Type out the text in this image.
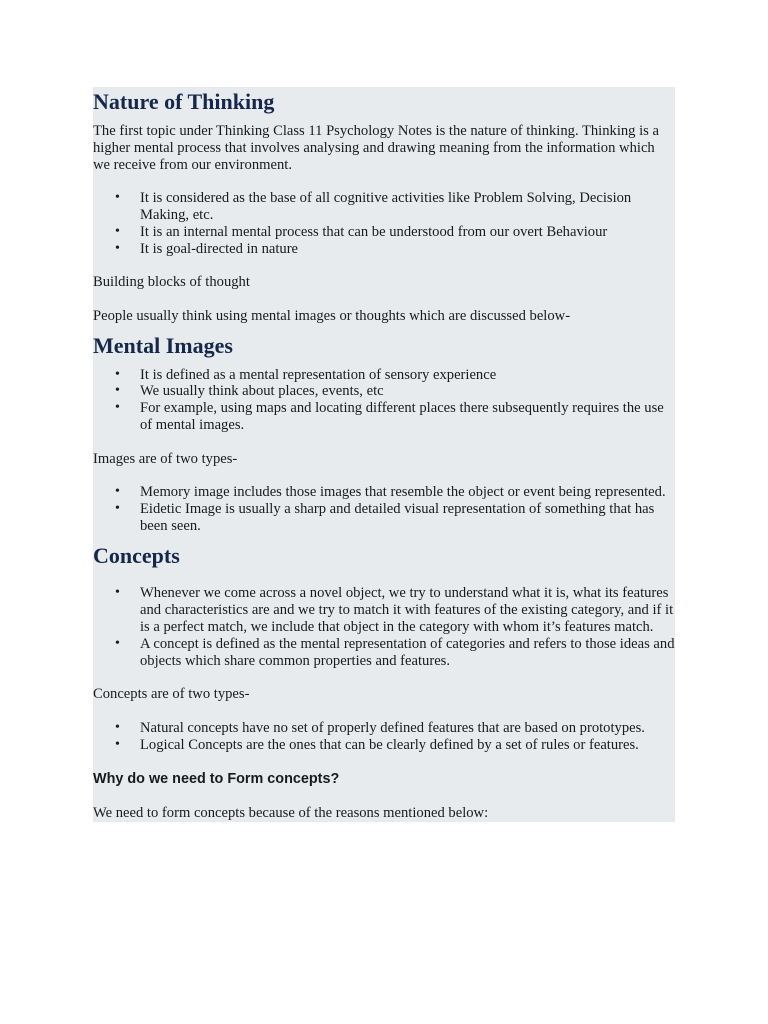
Nature of Thinking

The first topic under Thinking Class 11 Psychology Notes is the nature of thinking. Thinking is a higher mental process that involves analysing and drawing meaning from the information which we receive from our environment.

• It is considered as the base of all cognitive activities like Problem Solving, Decision Making, etc.
• It is an internal mental process that can be understood from our overt Behaviour
• It is goal-directed in nature

Building blocks of thought

People usually think using mental images or thoughts which are discussed below-

Mental Images
• It is defined as a mental representation of sensory experience
• We usually think about places, events, etc
• For example, using maps and locating different places there subsequently requires the use of mental images.

Images are of two types-

• Memory image includes those images that resemble the object or event being represented.
• Eidetic Image is usually a sharp and detailed visual representation of something that has been seen.
Concepts
• Whenever we come across a novel object, we try to understand what it is, what its features and characteristics are and we try to match it with features of the existing category, and if it is a perfect match, we include that object in the category with whom it’s features match.
• A concept is defined as the mental representation of categories and refers to those ideas and objects which share common properties and features.

Concepts are of two types-

• Natural concepts have no set of properly defined features that are based on prototypes.
• Logical Concepts are the ones that can be clearly defined by a set of rules or features.
Why do we need to Form concepts?

We need to form concepts because of the reasons mentioned below:
